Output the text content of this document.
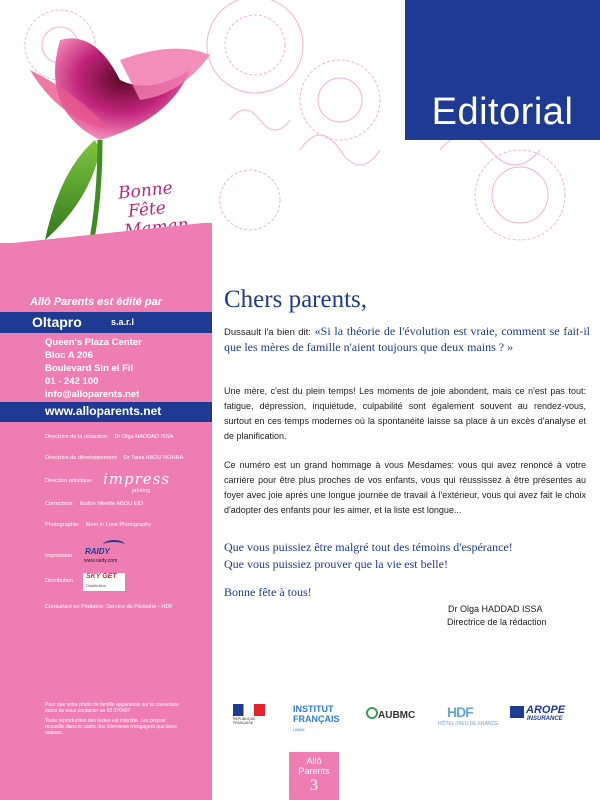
Editorial
Bonne
Fête
Allô Parents est édité par
Oltapro	s.a.r.l
Queen's Plaza Center
Bloc A 206
Boulevard Sin el Fil
01 - 242 100
info@alloparents.net
www.alloparents.net
Directrice de la rédaction: Dr Olga HADDAD ISSA
Directrice du développement: Dr Tania ABOU NOHRA
Direction artistique: impress
printing
Correctrice: Maître Mireille ABOU EID
Photographie: Mom in Love Photography
Impression	RAIDY
www.raidy.com
Distribution
SKY GET
Distribution
Consultant en Pédiatrie: Service de Pédiatrie - HDF
Pour que votre photo de famille apparaisse sur la couverture merci de nous contacter au 03 370407
Toute reproduction des textes est interdite. Les propos recueillis dans le cadre des interviews n'engagent que leurs auteurs.
Chers parents,
Dussault l'a bien dit: «Si la théorie de l'évolution est vraie, comment se fait-il que les mères de famille n'aient toujours que deux mains ? »
Une mère, c'est du plein temps! Les moments de joie abondent, mais ce n'est pas tout: fatigue, dépression, inquiétude, culpabilité sont également souvent au rendez-vous, surtout en ces temps modernes où la spontanéité laisse sa place à un excès d'analyse et de planification.
Ce numéro est un grand hommage à vous Mesdames: vous qui avez renoncé à votre carrière pour être plus proches de vos enfants, vous qui réussissez à être présentes au foyer avec joie après une longue journée de travail à l'extérieur, vous qui avez fait le choix d'adopter des enfants pour les aimer, et la liste est longue...
Que vous puissiez être malgré tout des témoins d'espérance!
Que vous puissiez prouver que la vie est belle!
Bonne fête à tous!
Dr Olga HADDAD ISSA
Directrice de la rédaction
RÉPUBLIQUE FRANÇAISE
INSTITUT
FRANÇAIS
LIBAN
AUBMC HDF
HÔTEL-DIEU DE FRANCE
AROPE
INSURANCE
Allô
Parents
3
